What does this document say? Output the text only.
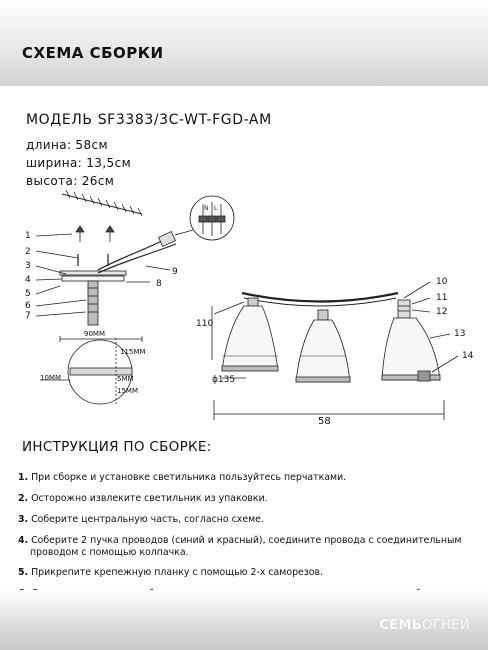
СХЕМА СБОРКИ
МОДЕЛЬ SF3383/3C-WT-FGD-AM
длина: 58см
ширина: 13,5см
высота: 26см
1
2
3
4
5
6
7
8
9
10
11
12
13
14
N L
90MM
115MM
10MM	5MM
15MM
110
ϕ135
58
ИНСТРУКЦИЯ ПО СБОРКЕ:
1. При сборке и установке светильника пользуйтесь перчатками.
2. Осторожно извлеките светильник из упаковки.
3. Соберите центральную часть, согласно схеме.
4. Соберите 2 пучка проводов (синий и красный), соедините провода с соединительным
проводом с помощью колпачка.
5. Прикрепите крепежную планку с помощью 2-х саморезов.
СЕМЬОГНЕЙ
